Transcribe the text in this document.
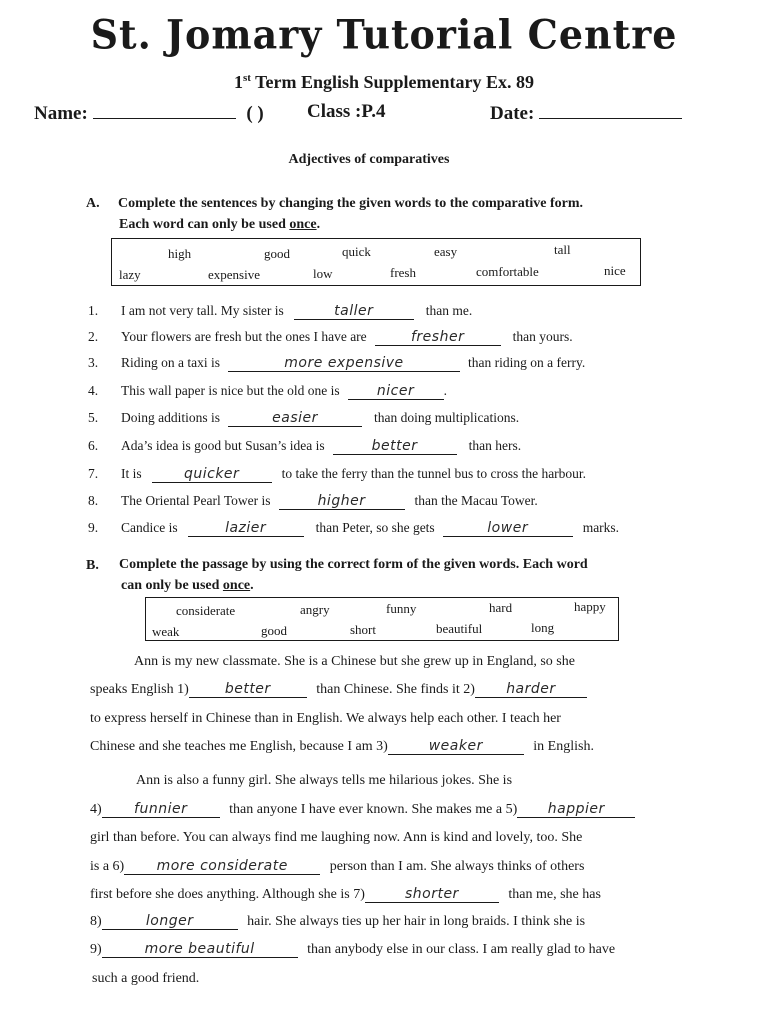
St. Jomary Tutorial Centre
1st Term English Supplementary Ex. 89
Name:	( ) Class :P.4	Date:
Adjectives of comparatives
A. Complete the sentences by changing the given words to the comparative form.
Each word can only be used once.
high	good	quick	easy	tall
lazy	expensive	low	fresh	comfortable	nice
1. I am not very tall. My sister is	taller	than me.
2. Your flowers are fresh but the ones I have are	fresher	than yours.
3. Riding on a taxi is	more expensive	than riding on a ferry.
4. This wall paper is nice but the old one is	nicer .
5. Doing additions is	easier	than doing multiplications.
6. Ada’s idea is good but Susan’s idea is	better	than hers.
7. It is	quicker	to take the ferry than the tunnel bus to cross the harbour.
8. The Oriental Pearl Tower is	higher	than the Macau Tower.
9. Candice is	lazier	than Peter, so she gets	lower	marks.
B. Complete the passage by using the correct form of the given words. Each word
can only be used once.
considerate	angry	funny	hard	happy
weak	good	short	beautiful	long
Ann is my new classmate. She is a Chinese but she grew up in England, so she
speaks English 1)	better	than Chinese. She finds it 2) harder
to express herself in Chinese than in English. We always help each other. I teach her
Chinese and she teaches me English, because I am 3)	weaker	in English.
Ann is also a funny girl. She always tells me hilarious jokes. She is
4) funnier	than anyone I have ever known. She makes me a 5) happier
girl than before. You can always find me laughing now. Ann is kind and lovely, too. She
is a 6) more considerate	person than I am. She always thinks of others
first before she does anything. Although she is 7)	shorter	than me, she has
8)	longer	hair. She always ties up her hair in long braids. I think she is
9)	more beautiful	than anybody else in our class. I am really glad to have
such a good friend.
